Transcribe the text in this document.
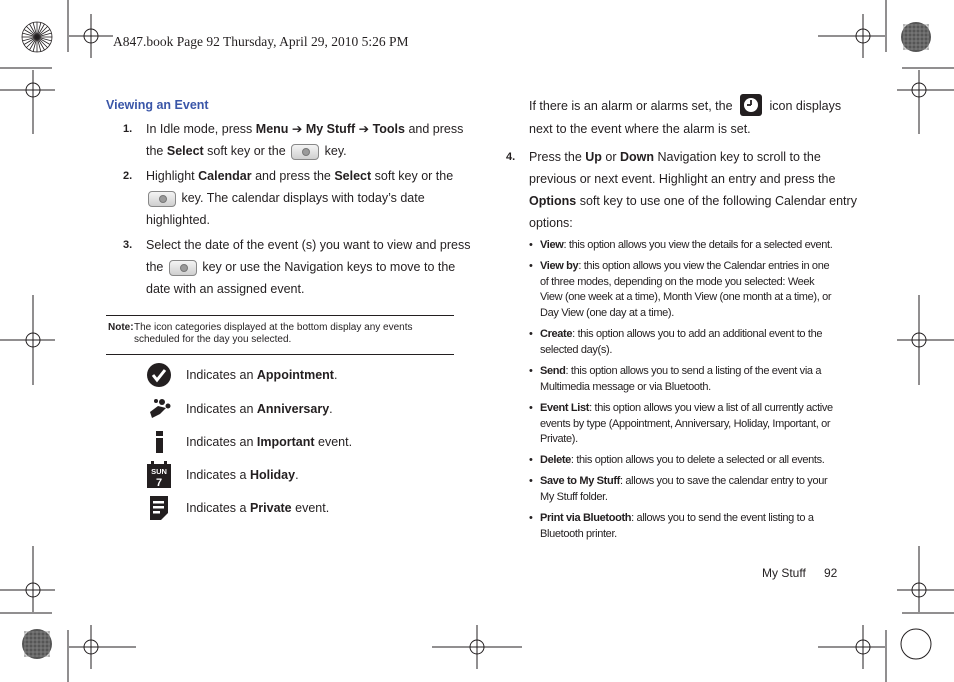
A847.book Page 92 Thursday, April 29, 2010 5:26 PM
Viewing an Event
1. In Idle mode, press Menu ➔ My Stuff ➔ Tools and press
the Select soft key or the	key.
2. Highlight Calendar and press the Select soft key or the
key. The calendar displays with today’s date
highlighted.
3. Select the date of the event (s) you want to view and press
the	key or use the Navigation keys to move to the
date with an assigned event.
Note: The icon categories displayed at the bottom display any events scheduled for the day you selected.
Indicates an Appointment.
Indicates an Anniversary.
Indicates an Important event.
SUN
7
Indicates a Holiday.
Indicates a Private event.
If there is an alarm or alarms set, the	icon displays
next to the event where the alarm is set.
4. Press the Up or Down Navigation key to scroll to the
previous or next event. Highlight an entry and press the
Options soft key to use one of the following Calendar entry
options:
• View: this option allows you view the details for a selected event.
• View by: this option allows you view the Calendar entries in one of three modes, depending on the mode you selected: Week View (one week at a time), Month View (one month at a time), or Day View (one day at a time).
• Create: this option allows you to add an additional event to the selected day(s).
• Send: this option allows you to send a listing of the event via a Multimedia message or via Bluetooth.
• Event List: this option allows you view a list of all currently active events by type (Appointment, Anniversary, Holiday, Important, or Private).
• Delete: this option allows you to delete a selected or all events.
• Save to My Stuff: allows you to save the calendar entry to your My Stuff folder.
• Print via Bluetooth: allows you to send the event listing to a Bluetooth printer.
My Stuff 92
